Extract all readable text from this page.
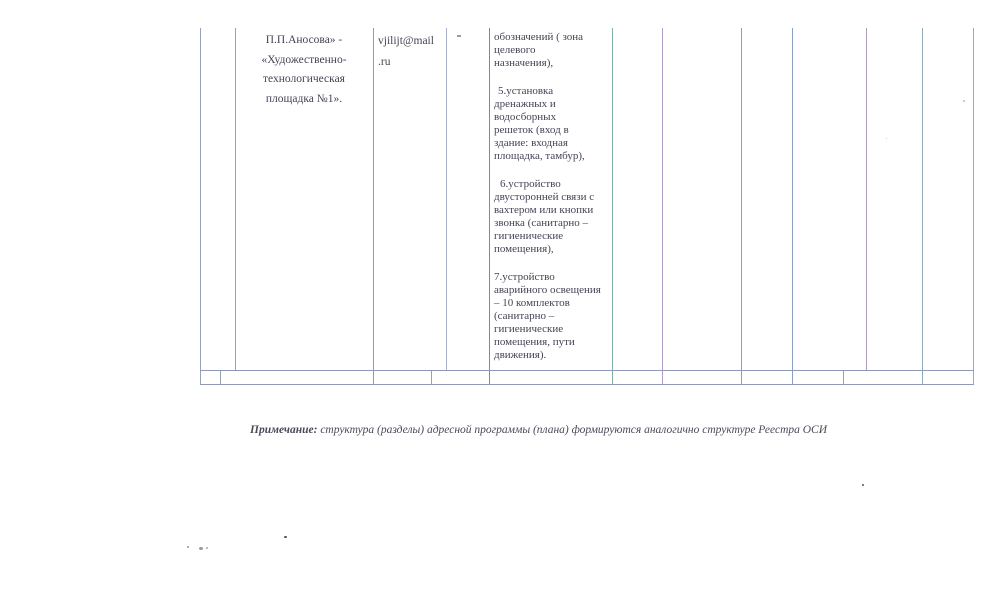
П.П.Аносова» -
«Художественно-
технологическая
площадка №1».
vjilijt@mail
.ru
обозначений ( зона
целевого
назначения),
5.установка
дренажных и
водосборных
решеток (вход в
здание: входная
площадка, тамбур),
6.устройство
двусторонней связи с
вахтером или кнопки
звонка (санитарно –
гигиенические
помещения),
7.устройство
аварийного освещения
– 10 комплектов
(санитарно –
гигиенические
помещения, пути
движения).
Примечание: структура (разделы) адресной программы (плана) формируются аналогично структуре Реестра ОСИ
